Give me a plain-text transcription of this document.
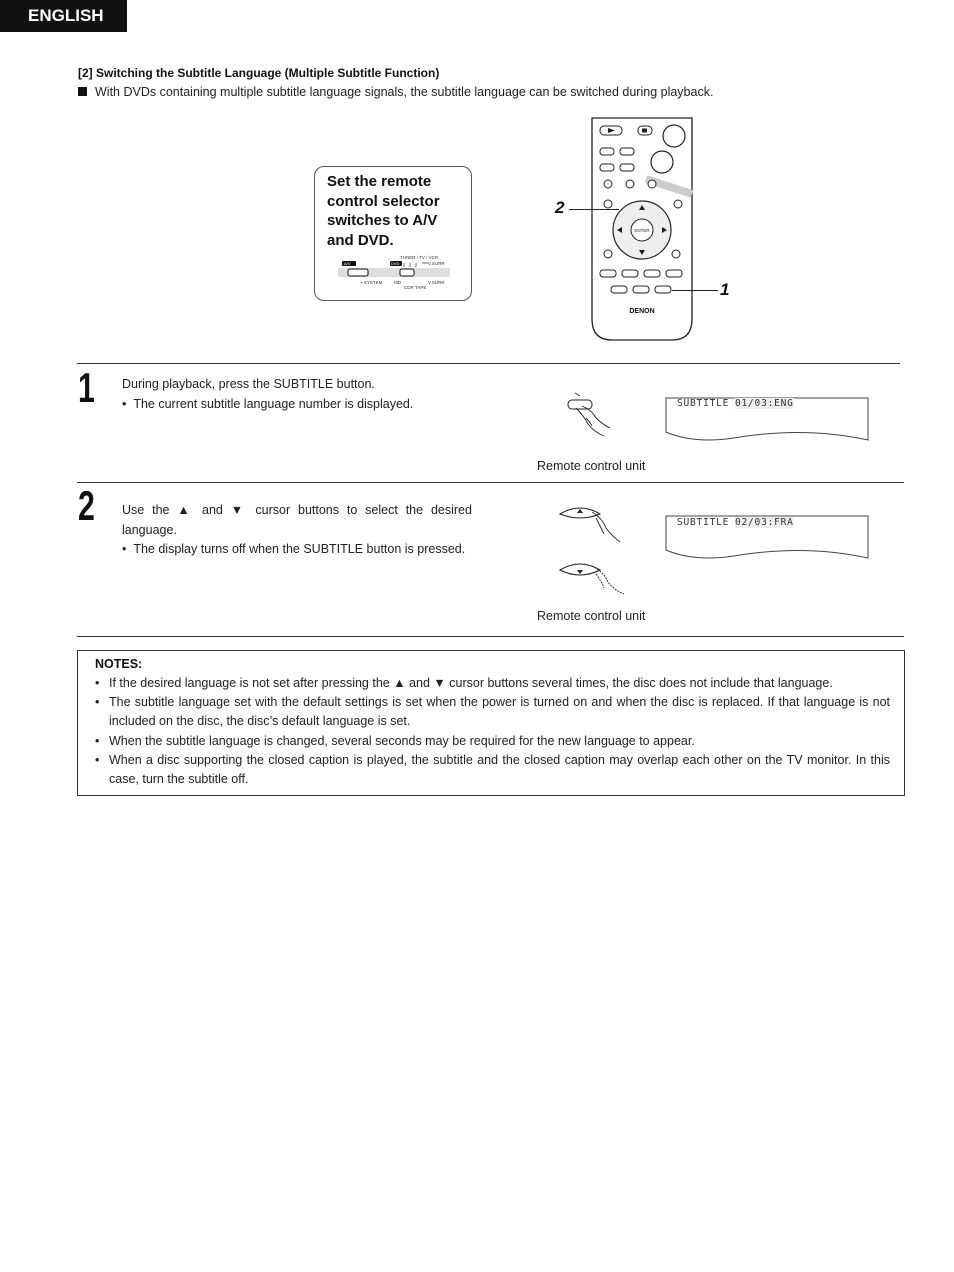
ENGLISH
[2] Switching the Subtitle Language (Multiple Subtitle Function)
With DVDs containing multiple subtitle language signals, the subtitle language can be switched during playback.
Set the remote control selector switches to A/V and DVD.
TUNER / TV / VCR
A/V	DVD	V.SURR
• SYSTEM	MD	V.SURR
CDR TAPE
ENTER
DENON
2
1
1 During playback, press the SUBTITLE button.
•  The current subtitle language number is displayed.	SUBTITLE 01/03:ENG
Remote control unit
2 Use the ▲ and ▼ cursor buttons to select the desired language.
•  The display turns off when the SUBTITLE button is pressed.
SUBTITLE 02/03:FRA
Remote control unit
NOTES:
• If the desired language is not set after pressing the ▲ and ▼ cursor buttons several times, the disc does not include that language.
• The subtitle language set with the default settings is set when the power is turned on and when the disc is replaced. If that language is not included on the disc, the disc’s default language is set.
• When the subtitle language is changed, several seconds may be required for the new language to appear.
• When a disc supporting the closed caption is played, the subtitle and the closed caption may overlap each other on the TV monitor. In this case, turn the subtitle off.
